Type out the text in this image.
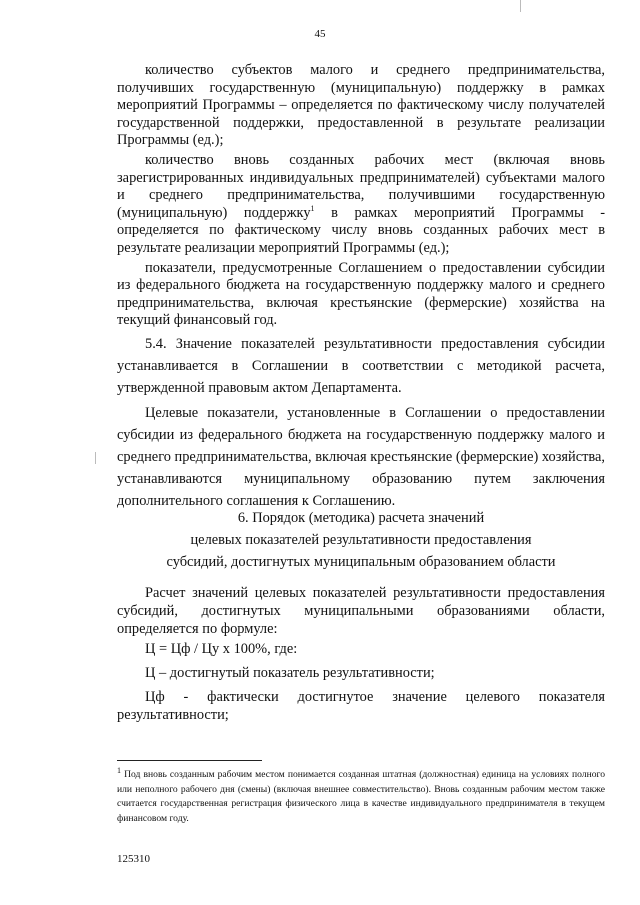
45

количество субъектов малого и среднего предпринимательства, получивших государственную (муниципальную) поддержку в рамках мероприятий Программы – определяется по фактическому числу получателей государственной поддержки, предоставленной в результате реализации Программы (ед.);

количество вновь созданных рабочих мест (включая вновь зарегистрированных индивидуальных предпринимателей) субъектами малого и среднего предпринимательства, получившими государственную (муниципальную) поддержку$^1$ в рамках мероприятий Программы - определяется по фактическому числу вновь созданных рабочих мест в результате реализации мероприятий Программы (ед.);

показатели, предусмотренные Соглашением о предоставлении субсидии из федерального бюджета на государственную поддержку малого и среднего предпринимательства, включая крестьянские (фермерские) хозяйства на текущий финансовый год.

5.4. Значение показателей результативности предоставления субсидии устанавливается в Соглашении в соответствии с методикой расчета, утвержденной правовым актом Департамента.

Целевые показатели, установленные в Соглашении о предоставлении субсидии из федерального бюджета на государственную поддержку малого и среднего предпринимательства, включая крестьянские (фермерские) хозяйства, устанавливаются муниципальному образованию путем заключения дополнительного соглашения к Соглашению.

6. Порядок (методика) расчета значений
целевых показателей результативности предоставления
субсидий, достигнутых муниципальным образованием области

Расчет значений целевых показателей результативности предоставления субсидий, достигнутых муниципальными образованиями области, определяется по формуле:

Ц = Цф / Цу х 100%, где:

Ц – достигнутый показатель результативности;

Цф - фактически достигнутое значение целевого показателя результативности;

$^1$ Под вновь созданным рабочим местом понимается созданная штатная (должностная) единица на условиях полного или неполного рабочего дня (смены) (включая внешнее совместительство). Вновь созданным рабочим местом также считается государственная регистрация физического лица в качестве индивидуального предпринимателя в текущем финансовом году.
125310
